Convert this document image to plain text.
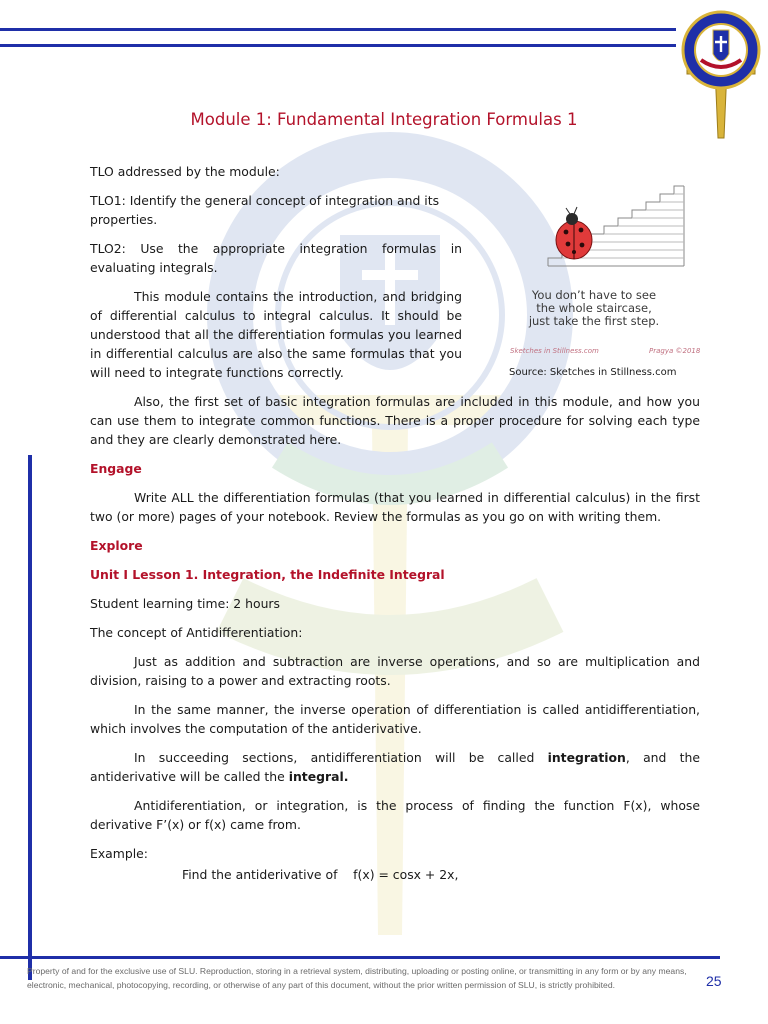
Module 1: Fundamental Integration Formulas 1
You don’t have to see
the whole staircase,
just take the first step.
Sketches in Stillness.com	Pragya ©2018
Source: Sketches in Stillness.com

TLO addressed by the module:

TLO1: Identify the general concept of integration and its properties.

TLO2: Use the appropriate integration formulas in evaluating integrals.

This module contains the introduction, and bridging of differential calculus to integral calculus. It should be understood that all the differentiation formulas you learned in differential calculus are also the same formulas that you will need to integrate functions correctly.

Also, the first set of basic integration formulas are included in this module, and how you can use them to integrate common functions. There is a proper procedure for solving each type and they are clearly demonstrated here.

Engage

Write ALL the differentiation formulas (that you learned in differential calculus) in the first two (or more) pages of your notebook. Review the formulas as you go on with writing them.

Explore
Unit I Lesson 1. Integration, the Indefinite Integral

Student learning time: 2 hours

The concept of Antidifferentiation:

Just as addition and subtraction are inverse operations, and so are multiplication and division, raising to a power and extracting roots.

In the same manner, the inverse operation of differentiation is called antidifferentiation, which involves the computation of the antiderivative.

In succeeding sections, antidifferentiation will be called integration, and the antiderivative will be called the integral.

Antidiferentiation, or integration, is the process of finding the function F(x), whose derivative F’(x) or f(x) came from.

Example:

Find the antiderivative of    f(x) = cosx + 2x,

Property of and for the exclusive use of SLU. Reproduction, storing in a retrieval system, distributing, uploading or posting online, or transmitting in any form or by any means, electronic, mechanical, photocopying, recording, or otherwise of any part of this document, without the prior written permission of SLU, is strictly prohibited.	25
